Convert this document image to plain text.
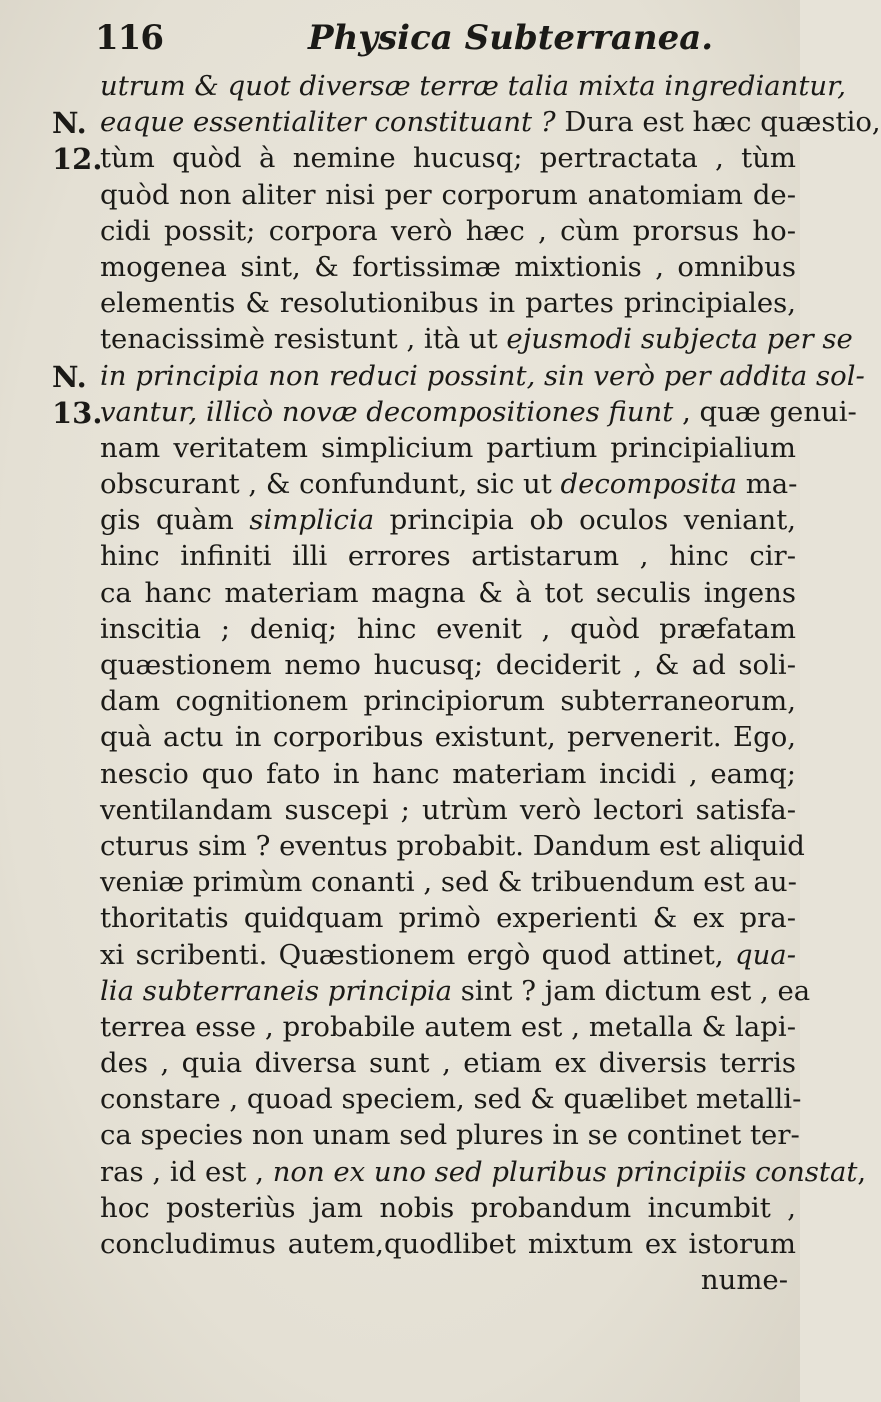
116	Physica Subterranea.
N.
12.
N.
13.
utrum & quot diversæ terræ talia mixta ingrediantur,
eaque essentialiter constituant ? Dura est hæc quæstio,
tùm quòd à nemine hucusq; pertractata , tùm
quòd non aliter nisi per corporum anatomiam de-
cidi possit; corpora verò hæc , cùm prorsus ho-
mogenea sint, & fortissimæ mixtionis , omnibus
elementis & resolutionibus in partes principiales,
tenacissimè resistunt , ità ut ejusmodi subjecta per se
in principia non reduci possint, sin verò per addita sol-
vantur, illicò novæ decompositiones fiunt , quæ genui-
nam veritatem simplicium partium principialium
obscurant , & confundunt, sic ut decomposita ma-
gis quàm simplicia principia ob oculos veniant,
hinc infiniti illi errores artistarum , hinc cir-
ca hanc materiam magna & à tot seculis ingens
inscitia ; deniq; hinc evenit , quòd præfatam
quæstionem nemo hucusq; deciderit , & ad soli-
dam cognitionem principiorum subterraneorum,
quà actu in corporibus existunt, pervenerit. Ego,
nescio quo fato in hanc materiam incidi , eamq;
ventilandam suscepi ; utrùm verò lectori satisfa-
cturus sim ? eventus probabit. Dandum est aliquid
veniæ primùm conanti , sed & tribuendum est au-
thoritatis quidquam primò experienti & ex pra-
xi scribenti. Quæstionem ergò quod attinet, qua-
lia subterraneis principia sint ? jam dictum est , ea
terrea esse , probabile autem est , metalla & lapi-
des , quia diversa sunt , etiam ex diversis terris
constare , quoad speciem, sed & quælibet metalli-
ca species non unam sed plures in se continet ter-
ras , id est , non ex uno sed pluribus principiis constat,
hoc posteriùs jam nobis probandum incumbit ,
concludimus autem,quodlibet mixtum ex istorum
nume-
